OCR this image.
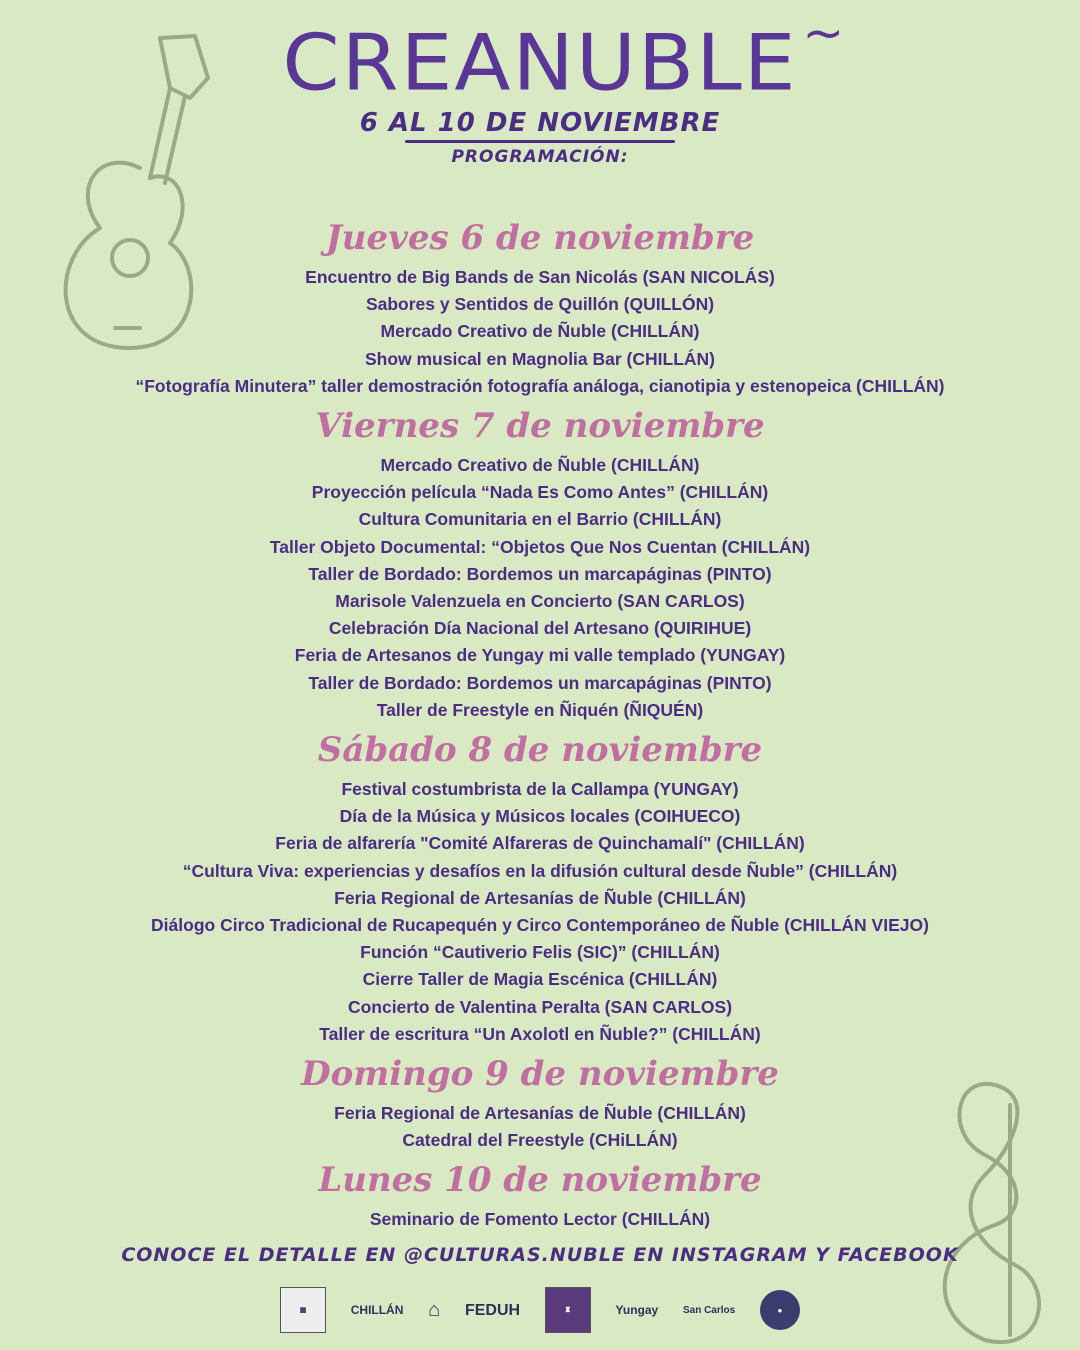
~
CREANUBLE
6 AL 10 DE NOVIEMBRE
PROGRAMACIÓN:
Jueves 6 de noviembre
Encuentro de Big Bands de San Nicolás (SAN NICOLÁS)
Sabores y Sentidos de Quillón (QUILLÓN)
Mercado Creativo de Ñuble (CHILLÁN)
Show musical en Magnolia Bar (CHILLÁN)
“Fotografía Minutera” taller demostración fotografía análoga, cianotipia y estenopeica (CHILLÁN)
Viernes 7 de noviembre
Mercado Creativo de Ñuble (CHILLÁN)
Proyección película “Nada Es Como Antes” (CHILLÁN)
Cultura Comunitaria en el Barrio (CHILLÁN)
Taller Objeto Documental: “Objetos Que Nos Cuentan (CHILLÁN)
Taller de Bordado: Bordemos un marcapáginas (PINTO)
Marisole Valenzuela en Concierto (SAN CARLOS)
Celebración Día Nacional del Artesano (QUIRIHUE)
Feria de Artesanos de Yungay mi valle templado (YUNGAY)
Taller de Bordado: Bordemos un marcapáginas (PINTO)
Taller de Freestyle en Ñiquén (ÑIQUÉN)
Sábado 8 de noviembre
Festival costumbrista de la Callampa (YUNGAY)
Día de la Música y Músicos locales (COIHUECO)
Feria de alfarería "Comité Alfareras de Quinchamalí" (CHILLÁN)
“Cultura Viva: experiencias y desafíos en la difusión cultural desde Ñuble” (CHILLÁN)
Feria Regional de Artesanías de Ñuble (CHILLÁN)
Diálogo Circo Tradicional de Rucapequén y Circo Contemporáneo de Ñuble (CHILLÁN VIEJO)
Función “Cautiverio Felis (SIC)” (CHILLÁN)
Cierre Taller de Magia Escénica (CHILLÁN)
Concierto de Valentina Peralta (SAN CARLOS)
Taller de escritura “Un Axolotl en Ñuble?” (CHILLÁN)
Domingo 9 de noviembre
Feria Regional de Artesanías de Ñuble (CHILLÁN)
Catedral del Freestyle (CHiLLÁN)
Lunes 10 de noviembre
Seminario de Fomento Lector (CHILLÁN)
CONOCE EL DETALLE EN @CULTURAS.NUBLE EN INSTAGRAM Y FACEBOOK
▦	CHILLÁN ⌂ FEDUH	♜	Yungay San Carlos	●
